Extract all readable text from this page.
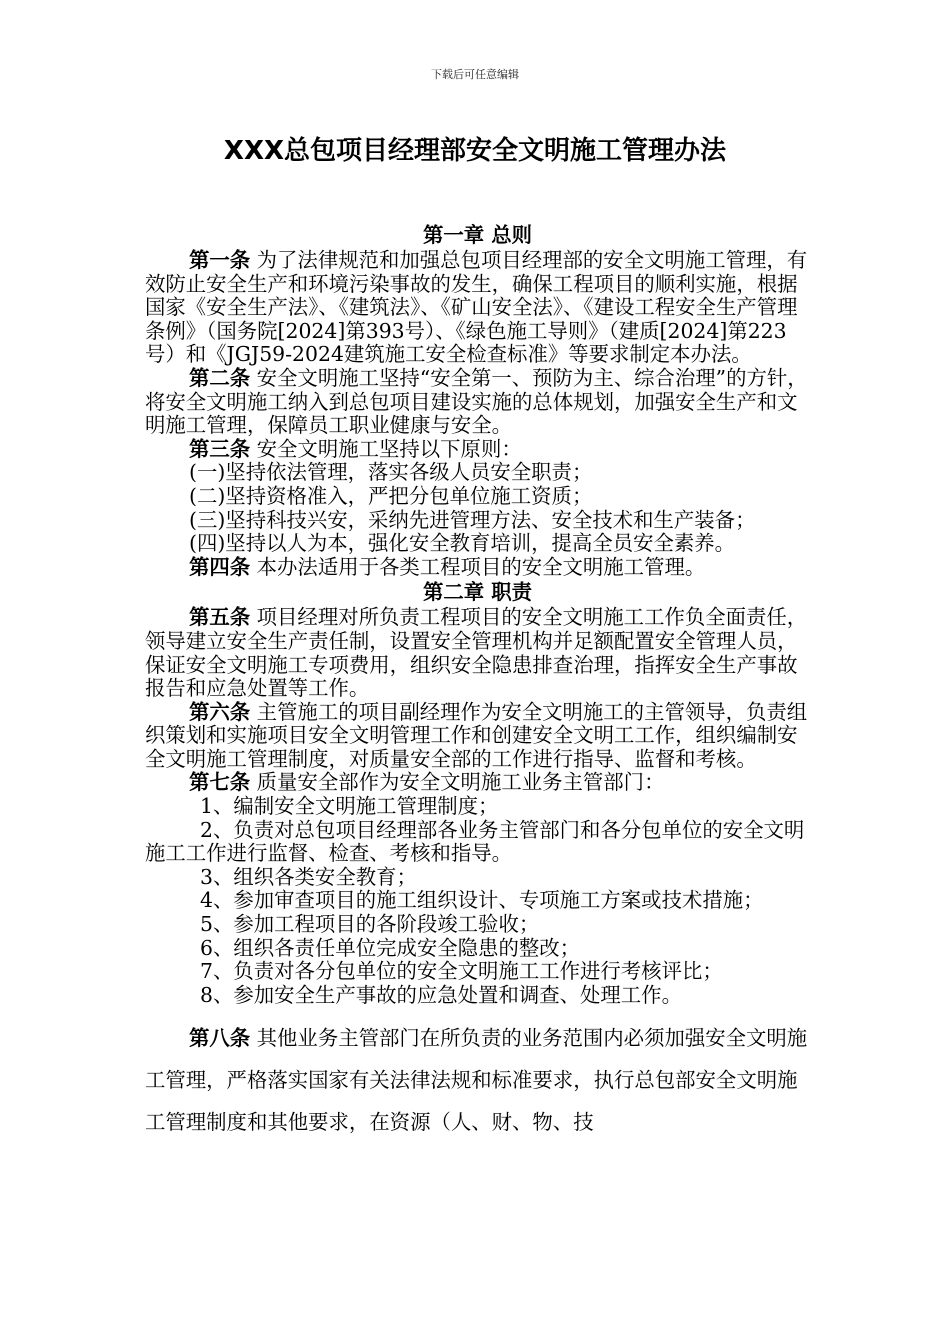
下载后可任意编辑
XXX总包项目经理部安全文明施工管理办法
第一章 总则
第一条 为了法律规范和加强总包项目经理部的安全文明施工管理，有效防止安全生产和环境污染事故的发生，确保工程项目的顺利实施，根据国家《安全生产法》、《建筑法》、《矿山安全法》、《建设工程安全生产管理条例》（国务院[2024]第393号）、《绿色施工导则》（建质[2024]第223号）和《JGJ59-2024建筑施工安全检查标准》等要求制定本办法。
第二条 安全文明施工坚持“安全第一、预防为主、综合治理”的方针，将安全文明施工纳入到总包项目建设实施的总体规划，加强安全生产和文明施工管理，保障员工职业健康与安全。
第三条 安全文明施工坚持以下原则：
(一)坚持依法管理，落实各级人员安全职责；
(二)坚持资格准入，严把分包单位施工资质；
(三)坚持科技兴安，采纳先进管理方法、安全技术和生产装备；
(四)坚持以人为本，强化安全教育培训，提高全员安全素养。
第四条 本办法适用于各类工程项目的安全文明施工管理。
第二章 职责
第五条 项目经理对所负责工程项目的安全文明施工工作负全面责任，领导建立安全生产责任制，设置安全管理机构并足额配置安全管理人员，保证安全文明施工专项费用，组织安全隐患排查治理，指挥安全生产事故报告和应急处置等工作。
第六条 主管施工的项目副经理作为安全文明施工的主管领导，负责组织策划和实施项目安全文明管理工作和创建安全文明工工作，组织编制安全文明施工管理制度，对质量安全部的工作进行指导、监督和考核。
第七条 质量安全部作为安全文明施工业务主管部门：
1、编制安全文明施工管理制度；
2、负责对总包项目经理部各业务主管部门和各分包单位的安全文明施工工作进行监督、检查、考核和指导。
3、组织各类安全教育；
4、参加审查项目的施工组织设计、专项施工方案或技术措施；
5、参加工程项目的各阶段竣工验收；
6、组织各责任单位完成安全隐患的整改；
7、负责对各分包单位的安全文明施工工作进行考核评比；
8、参加安全生产事故的应急处置和调查、处理工作。
第八条 其他业务主管部门在所负责的业务范围内必须加强安全文明施工管理，严格落实国家有关法律法规和标准要求，执行总包部安全文明施工管理制度和其他要求，在资源（人、财、物、技
